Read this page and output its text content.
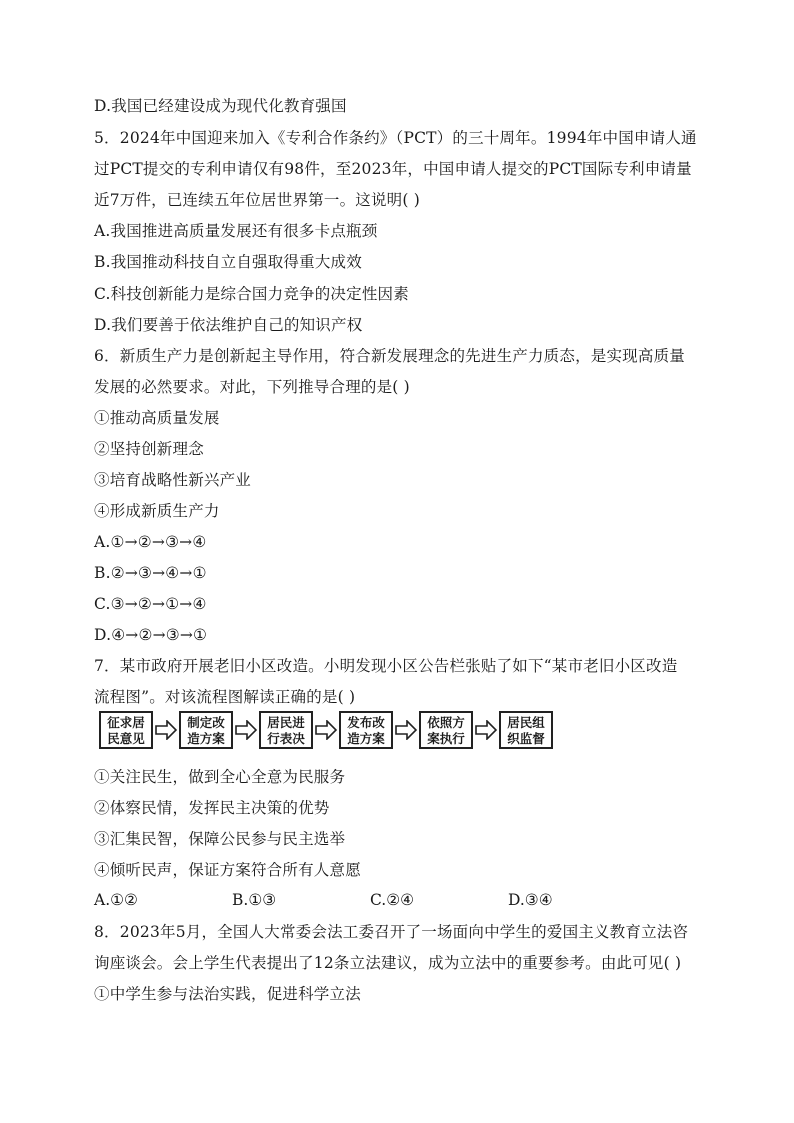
D.我国已经建设成为现代化教育强国
5．2024年中国迎来加入《专利合作条约》（PCT）的三十周年。1994年中国申请人通
过PCT提交的专利申请仅有98件，至2023年，中国申请人提交的PCT国际专利申请量
近7万件，已连续五年位居世界第一。这说明( )
A.我国推进高质量发展还有很多卡点瓶颈
B.我国推动科技自立自强取得重大成效
C.科技创新能力是综合国力竞争的决定性因素
D.我们要善于依法维护自己的知识产权
6．新质生产力是创新起主导作用，符合新发展理念的先进生产力质态，是实现高质量
发展的必然要求。对此，下列推导合理的是( )
①推动高质量发展
②坚持创新理念
③培育战略性新兴产业
④形成新质生产力
A.①→②→③→④
B.②→③→④→①
C.③→②→①→④
D.④→②→③→①
7．某市政府开展老旧小区改造。小明发现小区公告栏张贴了如下“某市老旧小区改造
流程图”。对该流程图解读正确的是( )
征求居
民意见
制定改
造方案
居民进
行表决
发布改
造方案
依照方
案执行
居民组
织监督
①关注民生，做到全心全意为民服务
②体察民情，发挥民主决策的优势
③汇集民智，保障公民参与民主选举
④倾听民声，保证方案符合所有人意愿
A.①②	B.①③	C.②④	D.③④
8．2023年5月，全国人大常委会法工委召开了一场面向中学生的爱国主义教育立法咨
询座谈会。会上学生代表提出了12条立法建议，成为立法中的重要参考。由此可见( )
①中学生参与法治实践，促进科学立法
